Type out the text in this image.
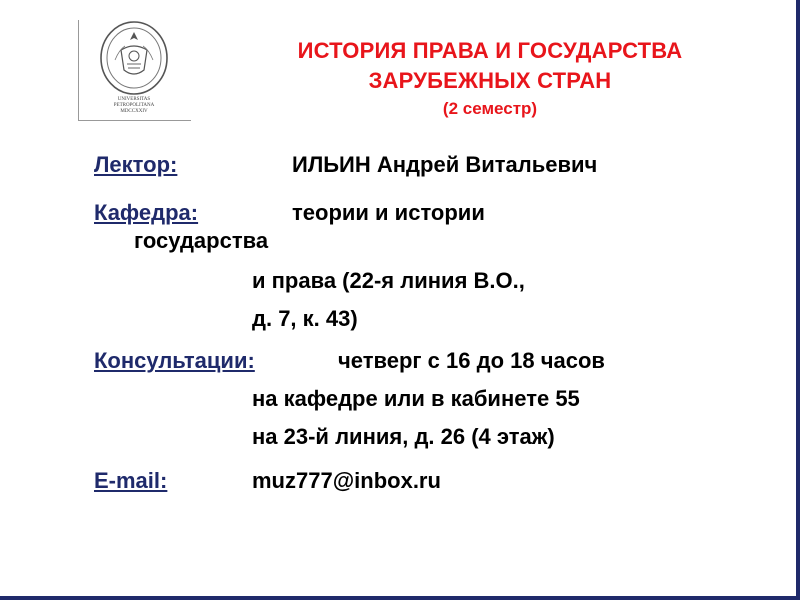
UNIVERSITAS
PETROPOLITANA
MDCCXXIV
ИСТОРИЯ ПРАВА И ГОСУДАРСТВА
ЗАРУБЕЖНЫХ СТРАН
(2 семестр)
Лектор:	ИЛЬИН Андрей Витальевич
Кафедра:	теории и истории
государства
и права (22-я линия В.О.,
д. 7, к. 43)
Консультации:	четверг с 16 до 18 часов
на кафедре или в кабинете 55
на 23-й линия, д. 26 (4 этаж)
E-mail:	muz777@inbox.ru
